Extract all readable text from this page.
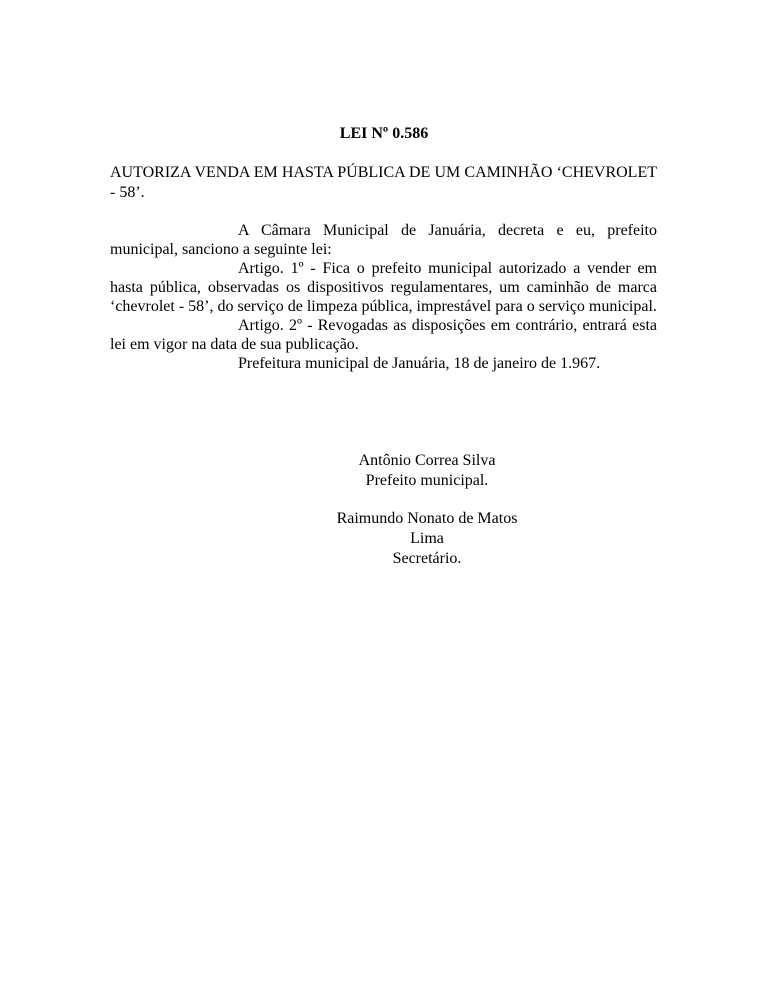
LEI Nº 0.586

AUTORIZA VENDA EM HASTA PÚBLICA DE UM CAMINHÃO ‘CHEVROLET - 58’.

A Câmara Municipal de Januária, decreta e eu, prefeito municipal, sanciono a seguinte lei:

Artigo. 1º - Fica o prefeito municipal autorizado a vender em hasta pública, observadas os dispositivos regulamentares, um caminhão de marca ‘chevrolet - 58’, do serviço de limpeza pública, imprestável para o serviço municipal.

Artigo. 2º - Revogadas as disposições em contrário, entrará esta lei em vigor na data de sua publicação.

Prefeitura municipal de Januária, 18 de janeiro de 1.967.

Antônio Correa Silva
Prefeito municipal.
Raimundo Nonato de Matos Lima
Secretário.
